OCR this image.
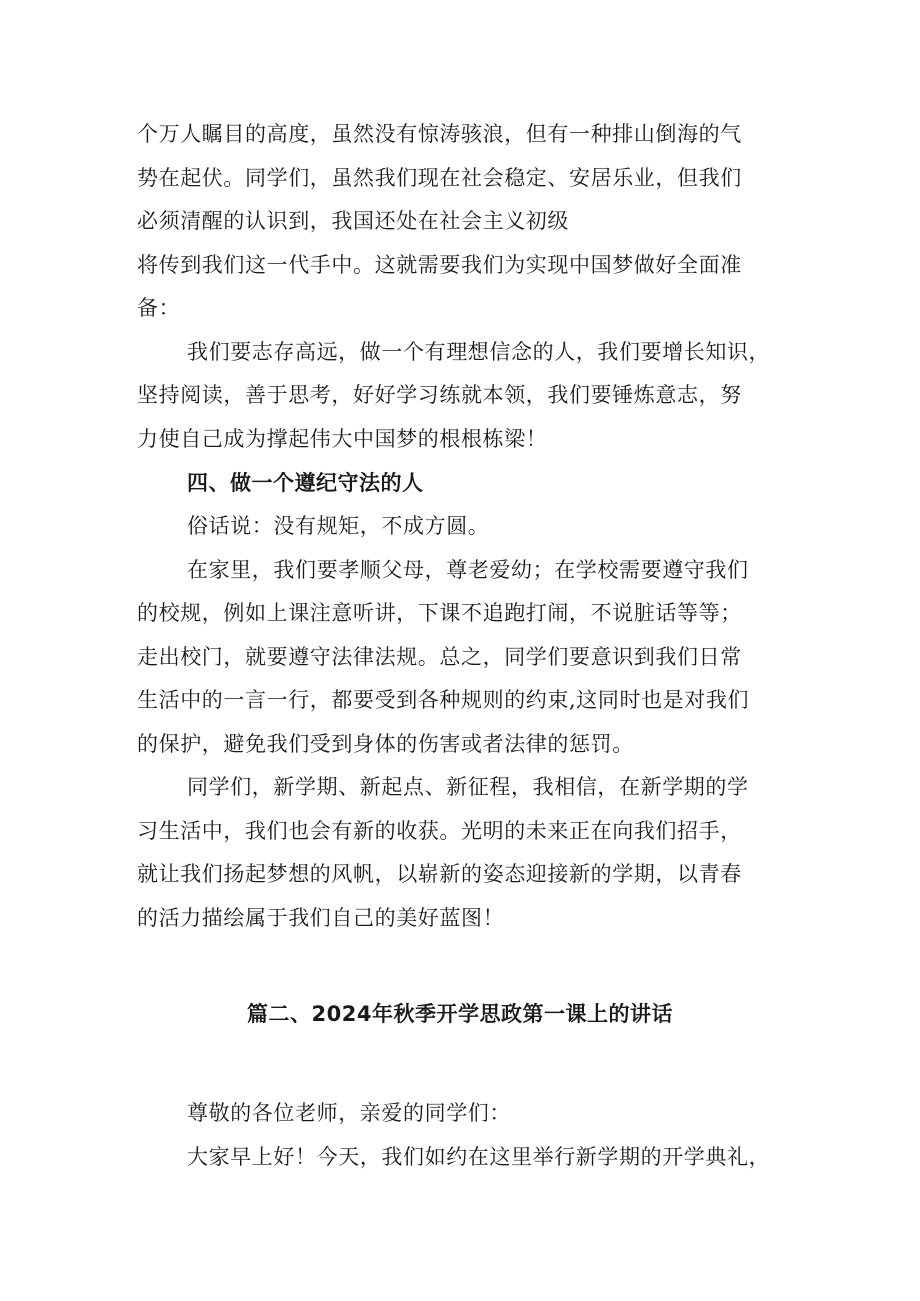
个万人瞩目的高度，虽然没有惊涛骇浪，但有一种排山倒海的气
势在起伏。同学们，虽然我们现在社会稳定、安居乐业，但我们
必须清醒的认识到，我国还处在社会主义初级
将传到我们这一代手中。这就需要我们为实现中国梦做好全面准
备：
我们要志存高远，做一个有理想信念的人，我们要增长知识，
坚持阅读，善于思考，好好学习练就本领，我们要锤炼意志，努
力使自己成为撑起伟大中国梦的根根栋梁！
四、做一个遵纪守法的人
俗话说：没有规矩，不成方圆。
在家里，我们要孝顺父母，尊老爱幼；在学校需要遵守我们
的校规，例如上课注意听讲，下课不追跑打闹，不说脏话等等；
走出校门，就要遵守法律法规。总之，同学们要意识到我们日常
生活中的一言一行，都要受到各种规则的约束,这同时也是对我们
的保护，避免我们受到身体的伤害或者法律的惩罚。
同学们，新学期、新起点、新征程，我相信，在新学期的学
习生活中，我们也会有新的收获。光明的未来正在向我们招手，
就让我们扬起梦想的风帆，以崭新的姿态迎接新的学期，以青春
的活力描绘属于我们自己的美好蓝图！
篇二、2024年秋季开学思政第一课上的讲话
尊敬的各位老师，亲爱的同学们：
大家早上好！今天，我们如约在这里举行新学期的开学典礼，
